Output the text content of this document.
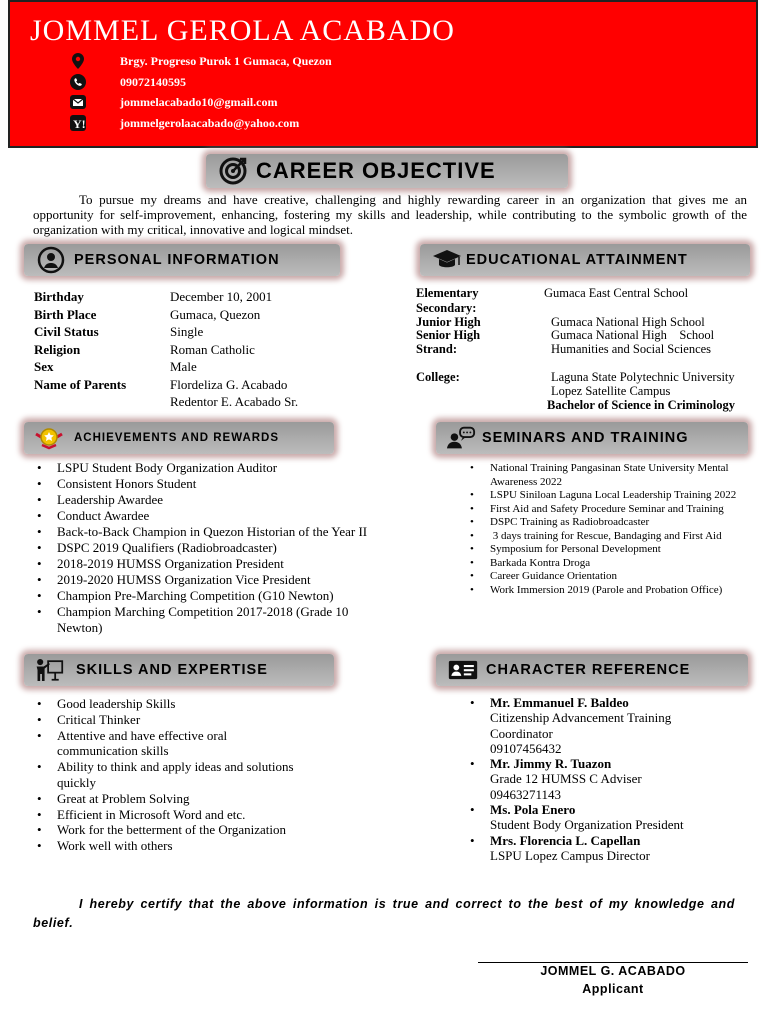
JOMMEL GEROLA ACABADO
Brgy. Progreso Purok 1 Gumaca, Quezon
09072140595
jommelacabado10@gmail.com
Y!	jommelgerolaacabado@yahoo.com
CAREER OBJECTIVE
To pursue my dreams and have creative, challenging and highly rewarding career in an organization that gives me an opportunity for self-improvement, enhancing, fostering my skills and leadership, while contributing to the symbolic growth of the organization with my critical, innovative and logical mindset.
PERSONAL INFORMATION	EDUCATIONAL ATTAINMENT
Birthday	December 10, 2001
Birth Place	Gumaca, Quezon
Civil Status	Single
Religion	Roman Catholic
Sex	Male
Name of Parents	Flordeliza G. Acabado
Redentor E. Acabado Sr.
Elementary	Gumaca East Central School
Secondary:
Junior High	Gumaca National High School
Senior High	Gumaca National High    School
Strand:	Humanities and Social Sciences
College:	Laguna State Polytechnic University
Lopez Satellite Campus
Bachelor of Science in Criminology
ACHIEVEMENTS AND REWARDS	SEMINARS AND TRAINING
• LSPU Student Body Organization Auditor
• Consistent Honors Student
• Leadership Awardee
• Conduct Awardee
• Back-to-Back Champion in Quezon Historian of the Year II
• DSPC 2019 Qualifiers (Radiobroadcaster)
• 2018-2019 HUMSS Organization President
• 2019-2020 HUMSS Organization Vice President
• Champion Pre-Marching Competition (G10 Newton)
• Champion Marching Competition 2017-2018 (Grade 10 Newton)
• National Training Pangasinan State University Mental Awareness 2022
• LSPU Siniloan Laguna Local Leadership Training 2022
• First Aid and Safety Procedure Seminar and Training
• DSPC Training as Radiobroadcaster
•  3 days training for Rescue, Bandaging and First Aid
• Symposium for Personal Development
• Barkada Kontra Droga
• Career Guidance Orientation
• Work Immersion 2019 (Parole and Probation Office)
SKILLS AND EXPERTISE	CHARACTER REFERENCE
• Good leadership Skills
• Critical Thinker
• Attentive and have effective oral communication skills
• Ability to think and apply ideas and solutions quickly
• Great at Problem Solving
• Efficient in Microsoft Word and etc.
• Work for the betterment of the Organization
• Work well with others
• Mr. Emmanuel F. Baldeo
Citizenship Advancement Training
Coordinator
09107456432
• Mr. Jimmy R. Tuazon
Grade 12 HUMSS C Adviser
09463271143
• Ms. Pola Enero
Student Body Organization President
• Mrs. Florencia L. Capellan
LSPU Lopez Campus Director
I hereby certify that the above information is true and correct to the best of my knowledge and belief.
JOMMEL G. ACABADO
Applicant
